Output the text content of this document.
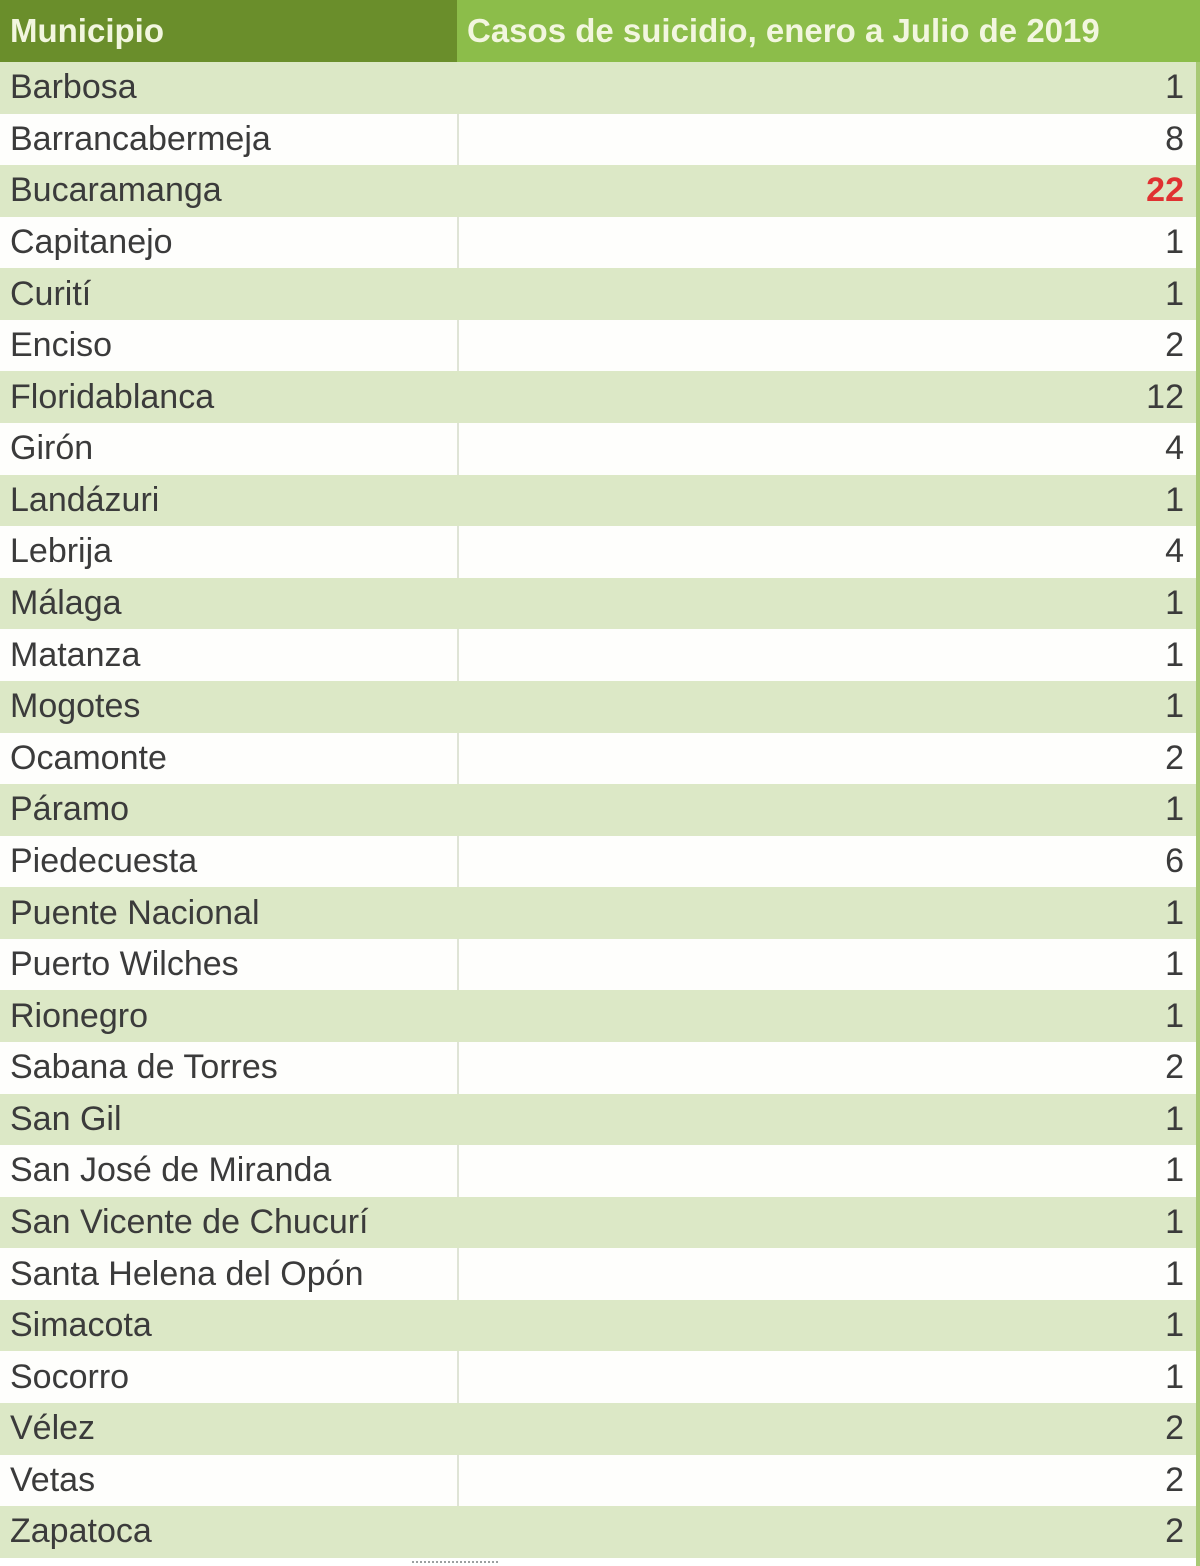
Municipio	Casos de suicidio, enero a Julio de 2019
Barbosa	1
Barrancabermeja	8
Bucaramanga	22
Capitanejo	1
Curití	1
Enciso	2
Floridablanca	12
Girón	4
Landázuri	1
Lebrija	4
Málaga	1
Matanza	1
Mogotes	1
Ocamonte	2
Páramo	1
Piedecuesta	6
Puente Nacional	1
Puerto Wilches	1
Rionegro	1
Sabana de Torres	2
San Gil	1
San José de Miranda	1
San Vicente de Chucurí	1
Santa Helena del Opón	1
Simacota	1
Socorro	1
Vélez	2
Vetas	2
Zapatoca	2
